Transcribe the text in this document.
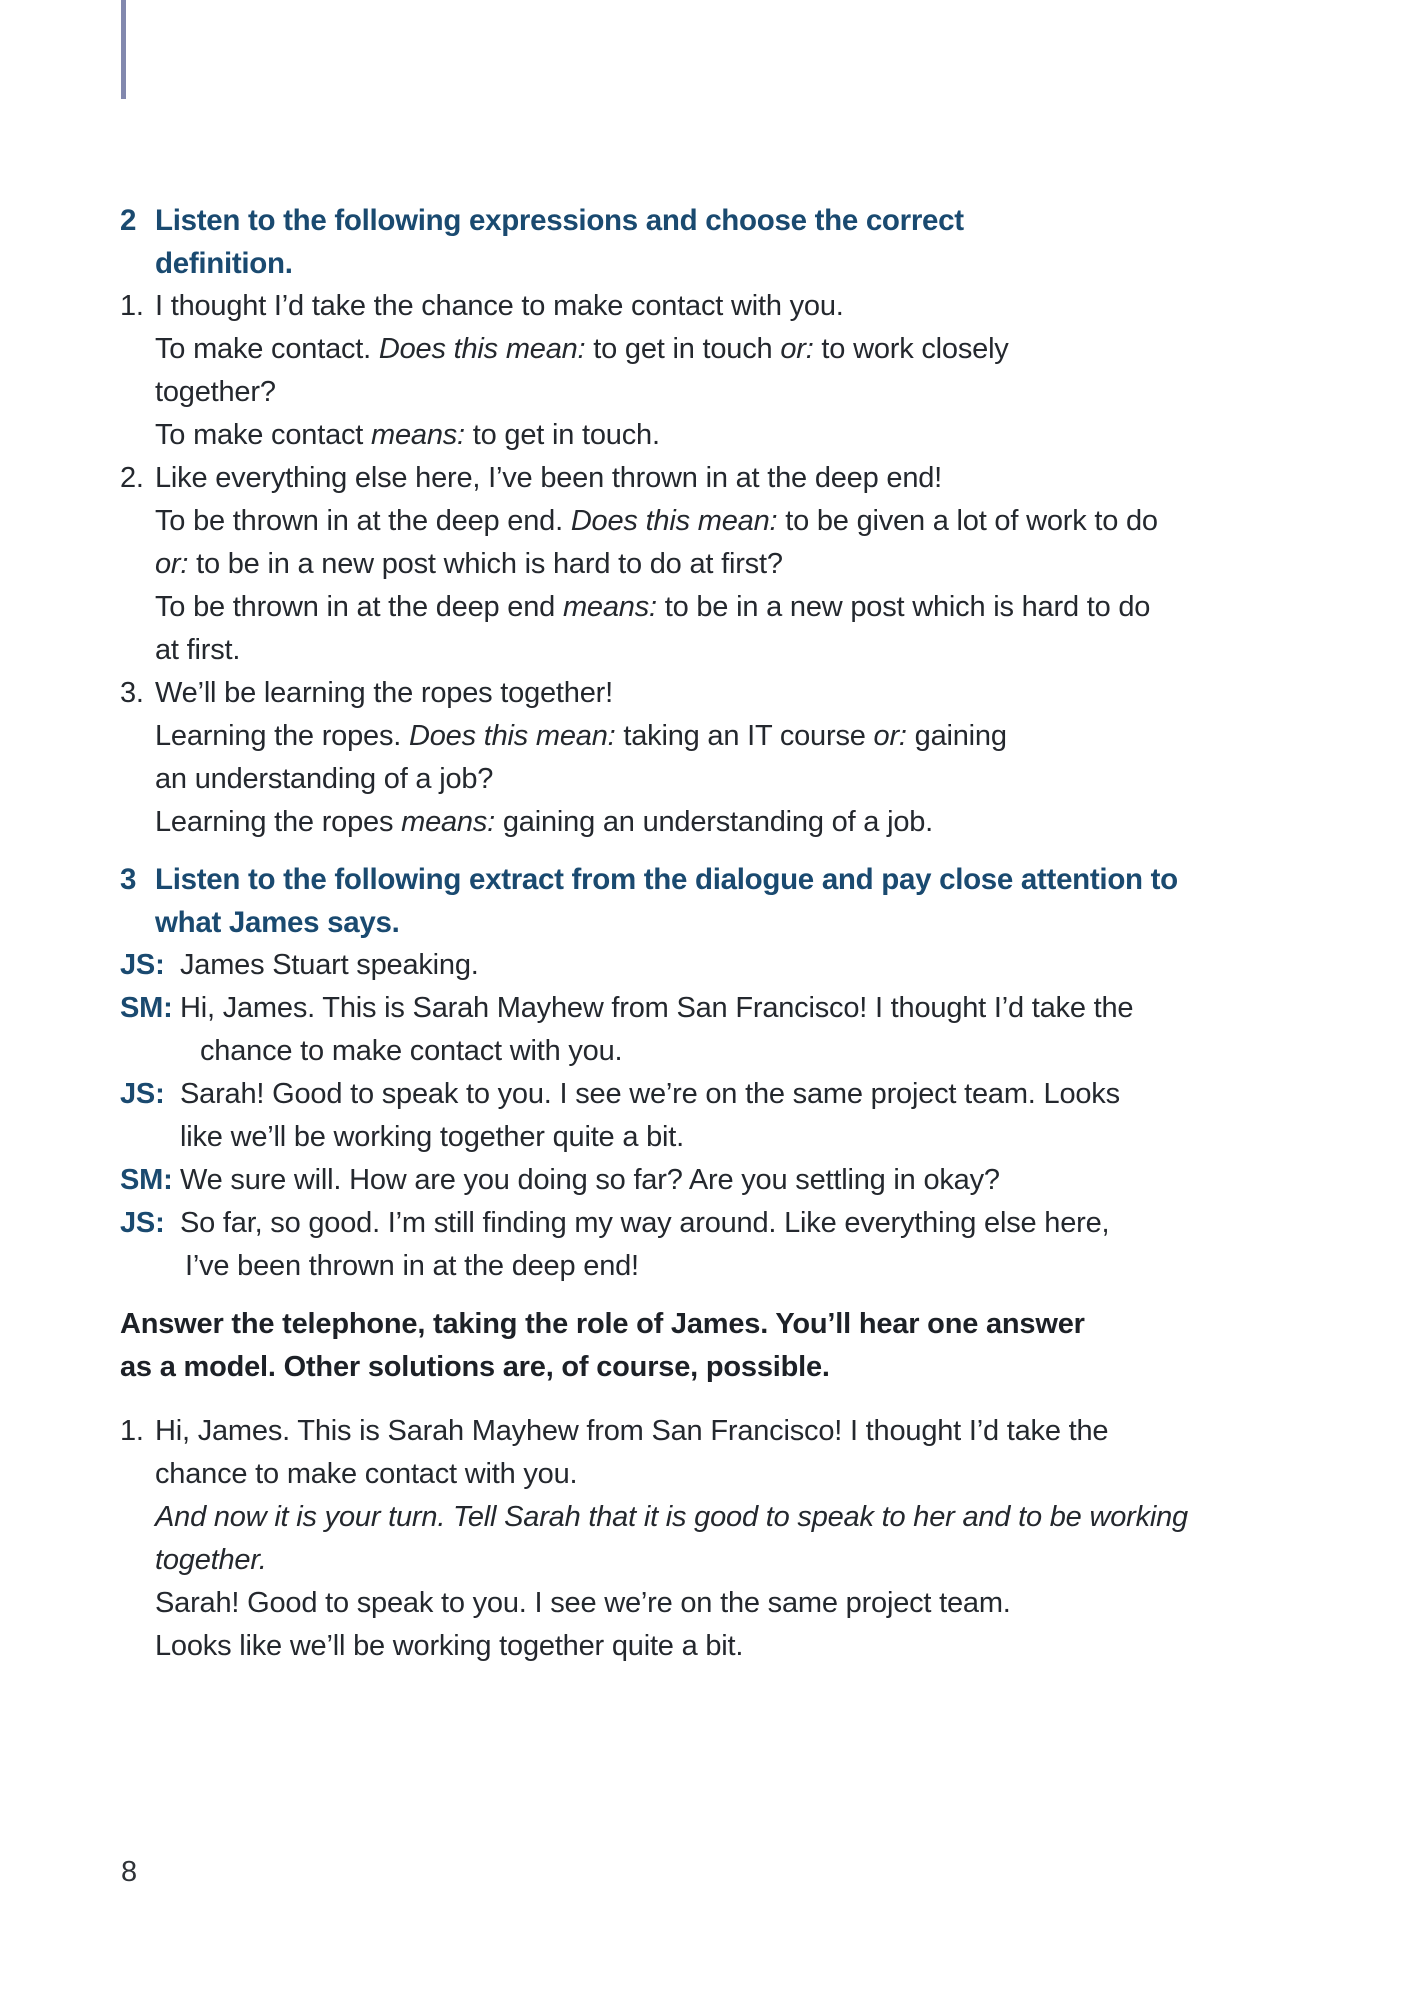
2 Listen to the following expressions and choose the correct
definition.
1. I thought I’d take the chance to make contact with you.
To make contact. Does this mean: to get in touch or: to work closely
together?
To make contact means: to get in touch.
2. Like everything else here, I’ve been thrown in at the deep end!
To be thrown in at the deep end. Does this mean: to be given a lot of work to do
or: to be in a new post which is hard to do at first?
To be thrown in at the deep end means: to be in a new post which is hard to do
at first.
3. We’ll be learning the ropes together!
Learning the ropes. Does this mean: taking an IT course or: gaining
an understanding of a job?
Learning the ropes means: gaining an understanding of a job.
3 Listen to the following extract from the dialogue and pay close attention to
what James says.
JS: James Stuart speaking.
SM: Hi, James. This is Sarah Mayhew from San Francisco! I thought I’d take the
chance to make contact with you.
JS: Sarah! Good to speak to you. I see we’re on the same project team. Looks
like we’ll be working together quite a bit.
SM: We sure will. How are you doing so far? Are you settling in okay?
JS: So far, so good. I’m still finding my way around. Like everything else here,
I’ve been thrown in at the deep end!
Answer the telephone, taking the role of James. You’ll hear one answer
as a model. Other solutions are, of course, possible.
1. Hi, James. This is Sarah Mayhew from San Francisco! I thought I’d take the
chance to make contact with you.
And now it is your turn. Tell Sarah that it is good to speak to her and to be working
together.
Sarah! Good to speak to you. I see we’re on the same project team.
Looks like we’ll be working together quite a bit.
8
